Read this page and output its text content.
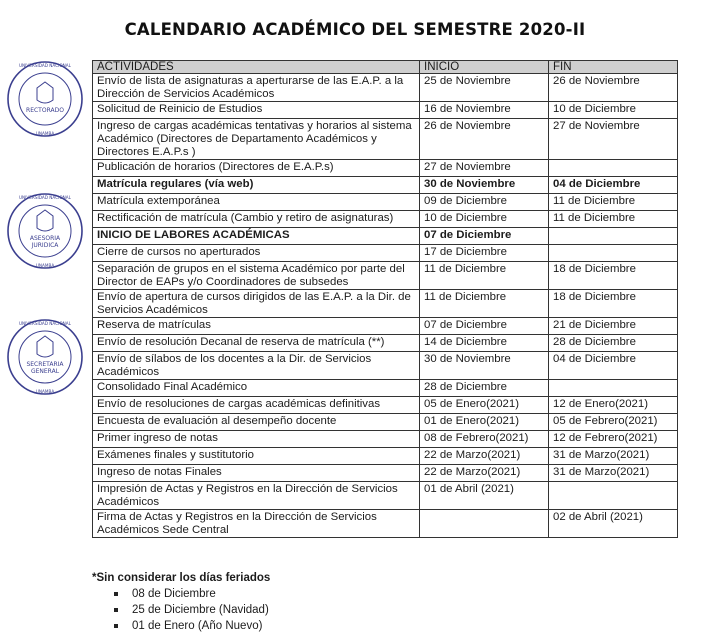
CALENDARIO ACADÉMICO DEL SEMESTRE 2020-II
UNIVERSIDAD NACIONAL
UNAMBA
RECTORADO
UNIVERSIDAD NACIONAL
UNAMBA
ASESORIA
JURIDICA
UNIVERSIDAD NACIONAL
UNAMBA
SECRETARIA
GENERAL
ACTIVIDADES	INICIO	FIN
Envío de lista de asignaturas a aperturarse de las E.A.P. a la Dirección de Servicios Académicos	25 de Noviembre	26 de Noviembre
Solicitud de Reinicio de Estudios	16 de Noviembre	10 de Diciembre
Ingreso de cargas académicas tentativas y horarios al sistema Académico (Directores de Departamento Académicos y Directores E.A.P.s )	26 de Noviembre	27 de Noviembre
Publicación de horarios (Directores de E.A.P.s)	27 de Noviembre	
Matrícula regulares (vía web)	30 de Noviembre	04 de Diciembre
Matrícula extemporánea	09 de Diciembre	11 de Diciembre
Rectificación de matrícula (Cambio y retiro de asignaturas)	10 de Diciembre	11 de Diciembre
INICIO DE LABORES ACADÉMICAS	07 de Diciembre	
Cierre de cursos no aperturados	17 de Diciembre	
Separación de grupos en el sistema Académico por parte del Director de EAPs y/o Coordinadores de subsedes	11 de Diciembre	18 de Diciembre
Envío de apertura de cursos dirigidos de las E.A.P. a la Dir. de Servicios Académicos	11 de Diciembre	18 de Diciembre
Reserva de matrículas	07 de Diciembre	21 de Diciembre
Envío de resolución Decanal de reserva de matrícula (**)	14 de Diciembre	28 de Diciembre
Envío de sílabos de los docentes a la Dir. de Servicios Académicos	30 de Noviembre	04 de Diciembre
Consolidado Final Académico	28 de Diciembre	
Envío de resoluciones de cargas académicas definitivas	05 de Enero(2021)	12 de Enero(2021)
Encuesta de evaluación al desempeño docente	01 de Enero(2021)	05 de Febrero(2021)
Primer ingreso de notas	08 de Febrero(2021)	12 de Febrero(2021)
Exámenes finales y sustitutorio	22 de Marzo(2021)	31 de Marzo(2021)
Ingreso de notas Finales	22 de Marzo(2021)	31 de Marzo(2021)
Impresión de Actas y Registros en la Dirección de Servicios Académicos	01 de Abril (2021)	
Firma de Actas y Registros en la Dirección de Servicios Académicos Sede Central		02 de Abril (2021)
*Sin considerar los días feriados
08 de Diciembre
25 de Diciembre (Navidad)
01 de Enero (Año Nuevo)
